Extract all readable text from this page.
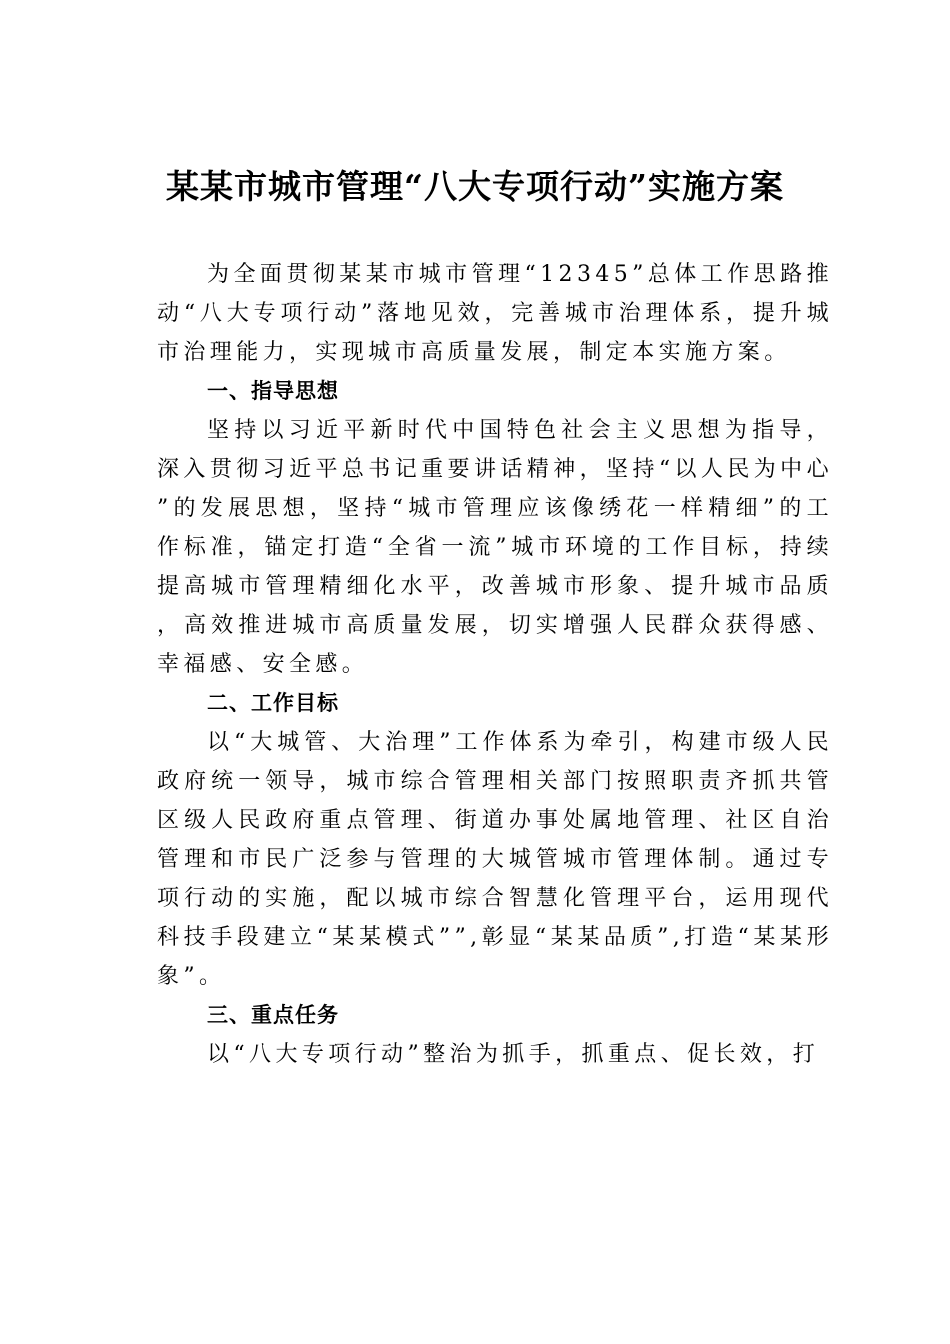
某某市城市管理“八大专项行动”实施方案

为全面贯彻某某市城市管理“12345”总体工作思路推动“八大专项行动”落地见效，完善城市治理体系，提升城市治理能力，实现城市高质量发展，制定本实施方案。

一、指导思想

坚持以习近平新时代中国特色社会主义思想为指导，深入贯彻习近平总书记重要讲话精神，坚持“以人民为中心”的发展思想，坚持“城市管理应该像绣花一样精细”的工作标准，锚定打造“全省一流”城市环境的工作目标，持续提高城市管理精细化水平，改善城市形象、提升城市品质，高效推进城市高质量发展，切实增强人民群众获得感、幸福感、安全感。

二、工作目标

以“大城管、大治理”工作体系为牵引，构建市级人民政府统一领导，城市综合管理相关部门按照职责齐抓共管区级人民政府重点管理、街道办事处属地管理、社区自治管理和市民广泛参与管理的大城管城市管理体制。通过专项行动的实施，配以城市综合智慧化管理平台，运用现代科技手段建立“某某模式””,彰显“某某品质”,打造“某某形象”。

三、重点任务

以“八大专项行动”整治为抓手，抓重点、促长效，打
